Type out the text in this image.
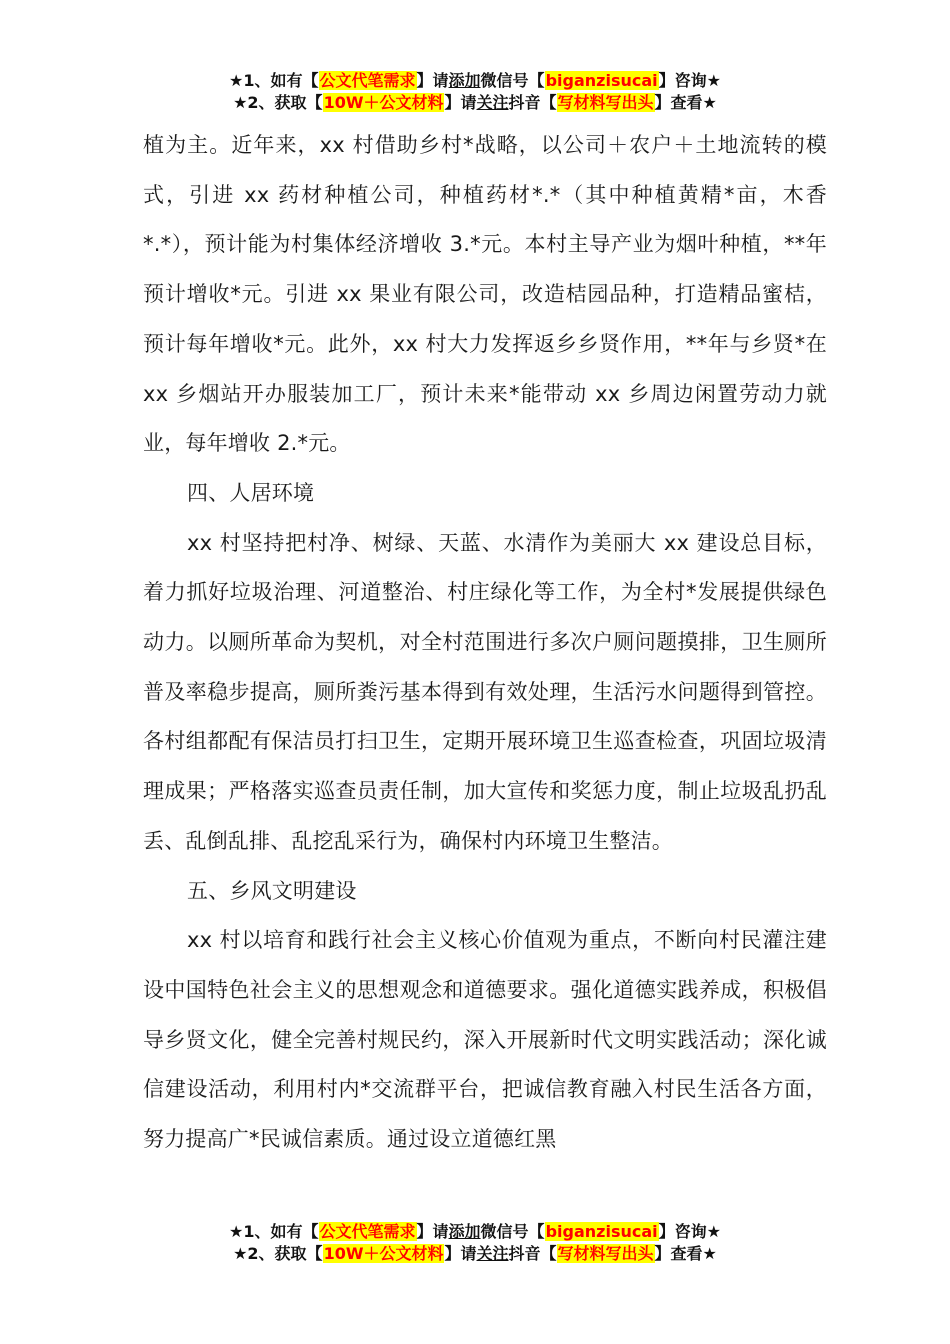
★1、如有【公文代笔需求】请添加微信号【biganzisucai】咨询★
★2、获取【10W＋公文材料】请关注抖音【写材料写出头】查看★

植为主。近年来，xx 村借助乡村*战略，以公司＋农户＋土地流转的模式，引进 xx 药材种植公司，种植药材*.*（其中种植黄精*亩，木香*.*），预计能为村集体经济增收 3.*元。本村主导产业为烟叶种植，**年预计增收*元。引进 xx 果业有限公司，改造桔园品种，打造精品蜜桔，预计每年增收*元。此外，xx 村大力发挥返乡乡贤作用，**年与乡贤*在 xx 乡烟站开办服装加工厂，预计未来*能带动 xx 乡周边闲置劳动力就业，每年增收 2.*元。

四、人居环境

xx 村坚持把村净、树绿、天蓝、水清作为美丽大 xx 建设总目标，着力抓好垃圾治理、河道整治、村庄绿化等工作，为全村*发展提供绿色动力。以厕所革命为契机，对全村范围进行多次户厕问题摸排，卫生厕所普及率稳步提高，厕所粪污基本得到有效处理，生活污水问题得到管控。各村组都配有保洁员打扫卫生，定期开展环境卫生巡查检查，巩固垃圾清理成果；严格落实巡查员责任制，加大宣传和奖惩力度，制止垃圾乱扔乱丢、乱倒乱排、乱挖乱采行为，确保村内环境卫生整洁。

五、乡风文明建设

xx 村以培育和践行社会主义核心价值观为重点，不断向村民灌注建设中国特色社会主义的思想观念和道德要求。强化道德实践养成，积极倡导乡贤文化，健全完善村规民约，深入开展新时代文明实践活动；深化诚信建设活动，利用村内*交流群平台，把诚信教育融入村民生活各方面，努力提高广*民诚信素质。通过设立道德红黑

★1、如有【公文代笔需求】请添加微信号【biganzisucai】咨询★
★2、获取【10W＋公文材料】请关注抖音【写材料写出头】查看★
